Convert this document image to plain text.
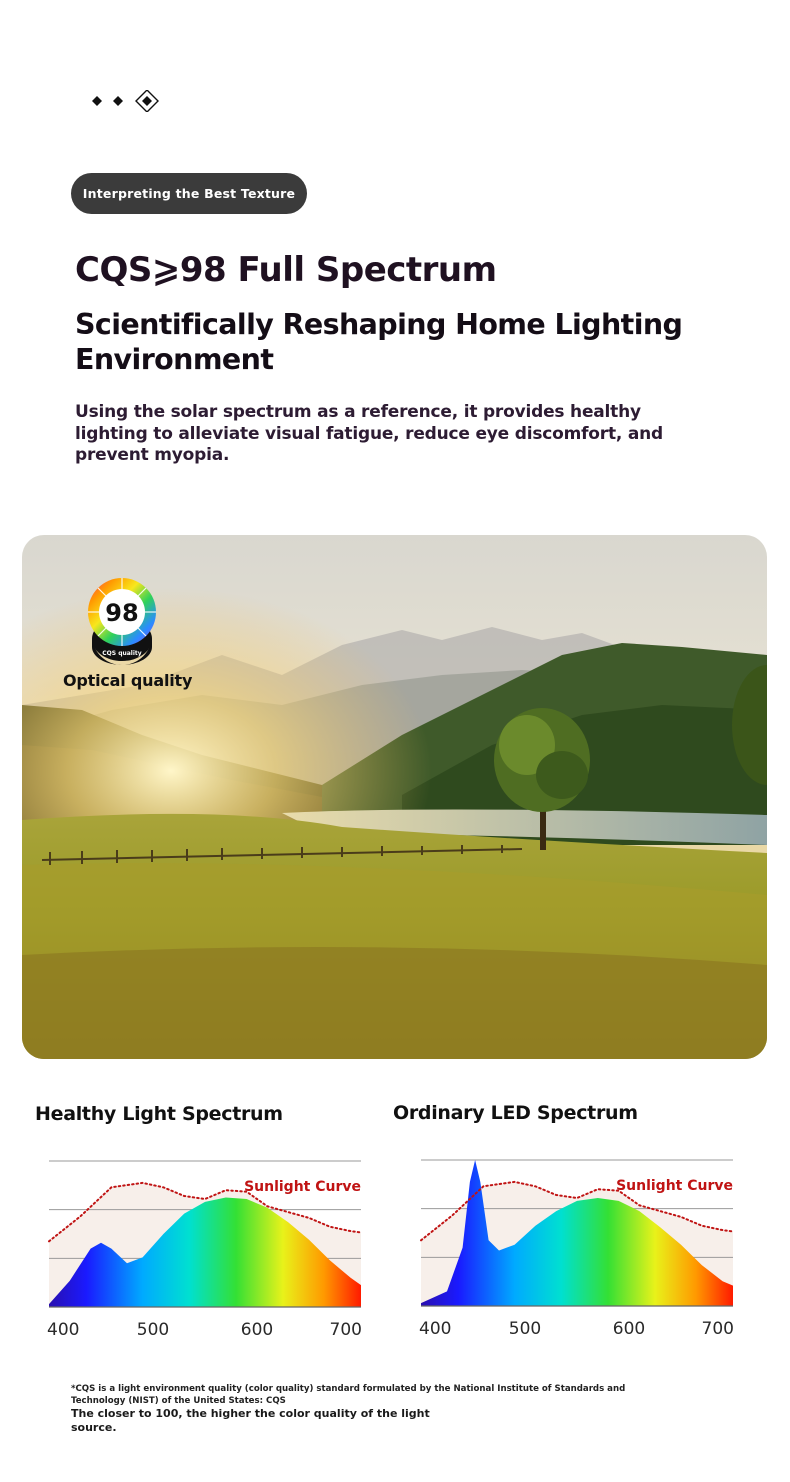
Interpreting the Best Texture Art
CQS⩾98 Full Spectrum
Scientifically Reshaping Home Lighting Environment
Using the solar spectrum as a reference, it provides healthy lighting to alleviate visual fatigue, reduce eye discomfort, and prevent myopia.
98
CQS quality
Optical quality
Healthy Light Spectrum
Sunlight Curve
400	500	600	700
Ordinary LED Spectrum
Sunlight Curve
400	500	600	700
*CQS is a light environment quality (color quality) standard formulated by the National Institute of Standards and Technology (NIST) of the United States: CQS
The closer to 100, the higher the color quality of the light source.
